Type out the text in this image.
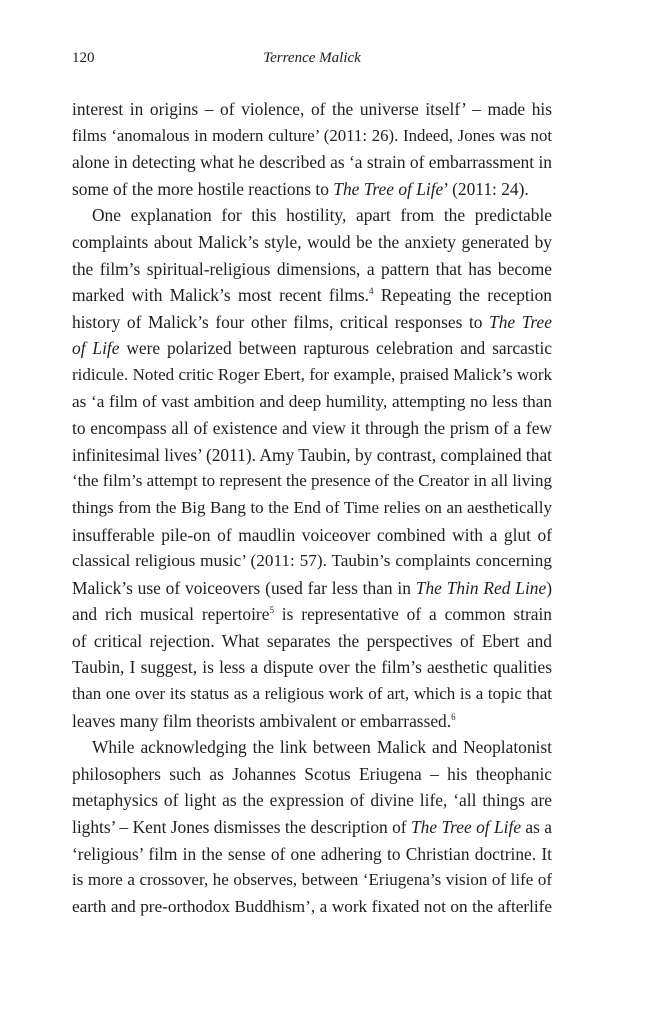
120	Terrence Malick
interest in origins – of violence, of the universe itself’ – made his
films ‘anomalous in modern culture’ (2011: 26). Indeed, Jones was not
alone in detecting what he described as ‘a strain of embarrassment in
some of the more hostile reactions to The Tree of Life’ (2011: 24).
One explanation for this hostility, apart from the predictable
complaints about Malick’s style, would be the anxiety generated by
the film’s spiritual-religious dimensions, a pattern that has become
marked with Malick’s most recent films.$^4$ Repeating the reception
history of Malick’s four other films, critical responses to The Tree
of Life were polarized between rapturous celebration and sarcastic
ridicule. Noted critic Roger Ebert, for example, praised Malick’s work
as ‘a film of vast ambition and deep humility, attempting no less than
to encompass all of existence and view it through the prism of a few
infinitesimal lives’ (2011). Amy Taubin, by contrast, complained that
‘the film’s attempt to represent the presence of the Creator in all living
things from the Big Bang to the End of Time relies on an aesthetically
insufferable pile-on of maudlin voiceover combined with a glut of
classical religious music’ (2011: 57). Taubin’s complaints concerning
Malick’s use of voiceovers (used far less than in The Thin Red Line)
and rich musical repertoire$^5$ is representative of a common strain
of critical rejection. What separates the perspectives of Ebert and
Taubin, I suggest, is less a dispute over the film’s aesthetic qualities
than one over its status as a religious work of art, which is a topic that
leaves many film theorists ambivalent or embarrassed.$^6$
While acknowledging the link between Malick and Neoplatonist
philosophers such as Johannes Scotus Eriugena – his theophanic
metaphysics of light as the expression of divine life, ‘all things are
lights’ – Kent Jones dismisses the description of The Tree of Life as a
‘religious’ film in the sense of one adhering to Christian doctrine. It
is more a crossover, he observes, between ‘Eriugena’s vision of life of
earth and pre-orthodox Buddhism’, a work fixated not on the afterlife
